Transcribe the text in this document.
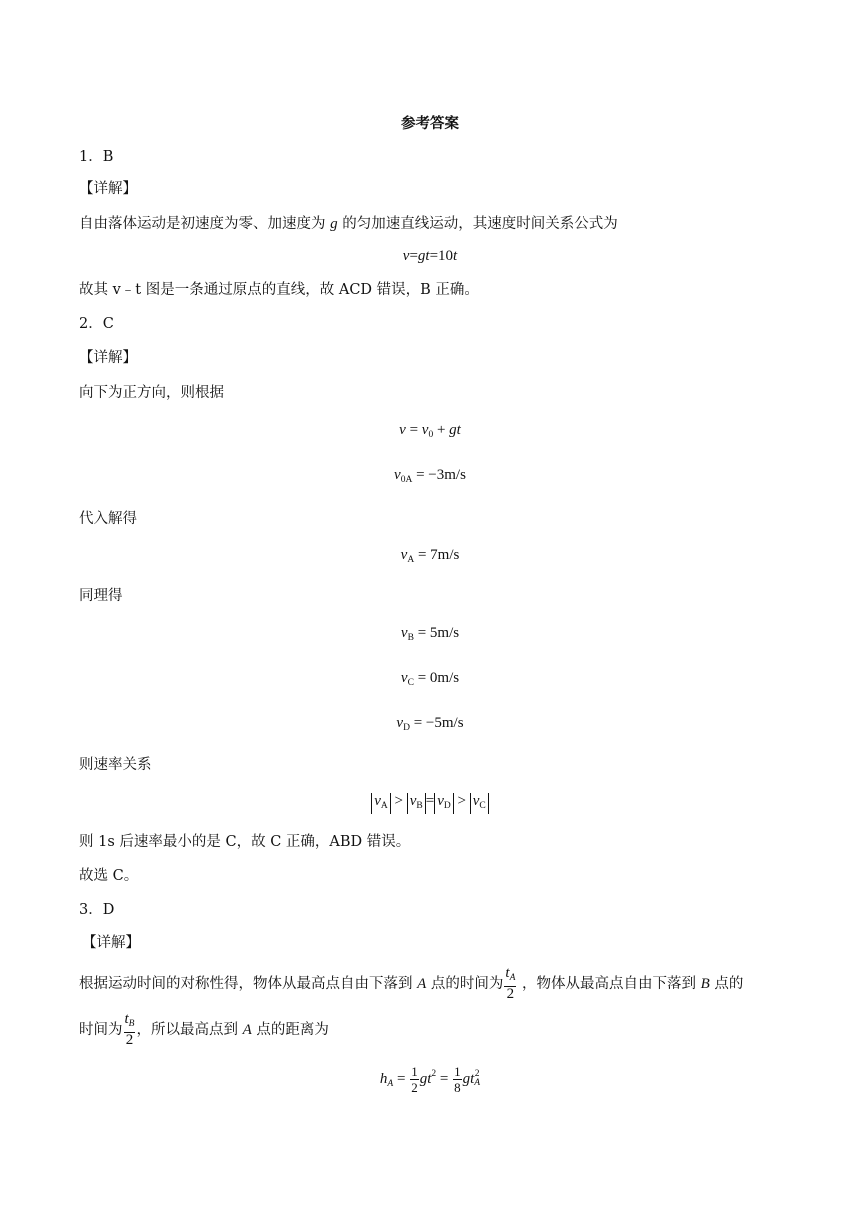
参考答案
1．B
【详解】
自由落体运动是初速度为零、加速度为 g 的匀加速直线运动，其速度时间关系公式为
v=gt=10t
故其 v﹣t 图是一条通过原点的直线，故 ACD 错误，B 正确。
2．C
【详解】
向下为正方向，则根据
$v = v_0$ + gt
$v_{0A} = -3m/s$
代入解得
$v_A = 7m/s$
同理得
$v_B = 5m/s$
$v_C = 0m/s$
$v_D = -5m/s$
则速率关系
$v_A > v_B = v_D > v_C$
则 1s 后速率最小的是 C，故 C 正确，ABD 错误。
故选 C。
3．D
【详解】
根据运动时间的对称性得，物体从最高点自由下落到 A 点的时间为 $\frac{t_A}{2}$ ，物体从最高点自由下落到 B 点的
时间为 $\frac{t_B}{2}$ ，所以最高点到 A 点的距离为
$h_A = \frac{1}{2} gt^2 = \frac{1}{8}$ gt 2
A
